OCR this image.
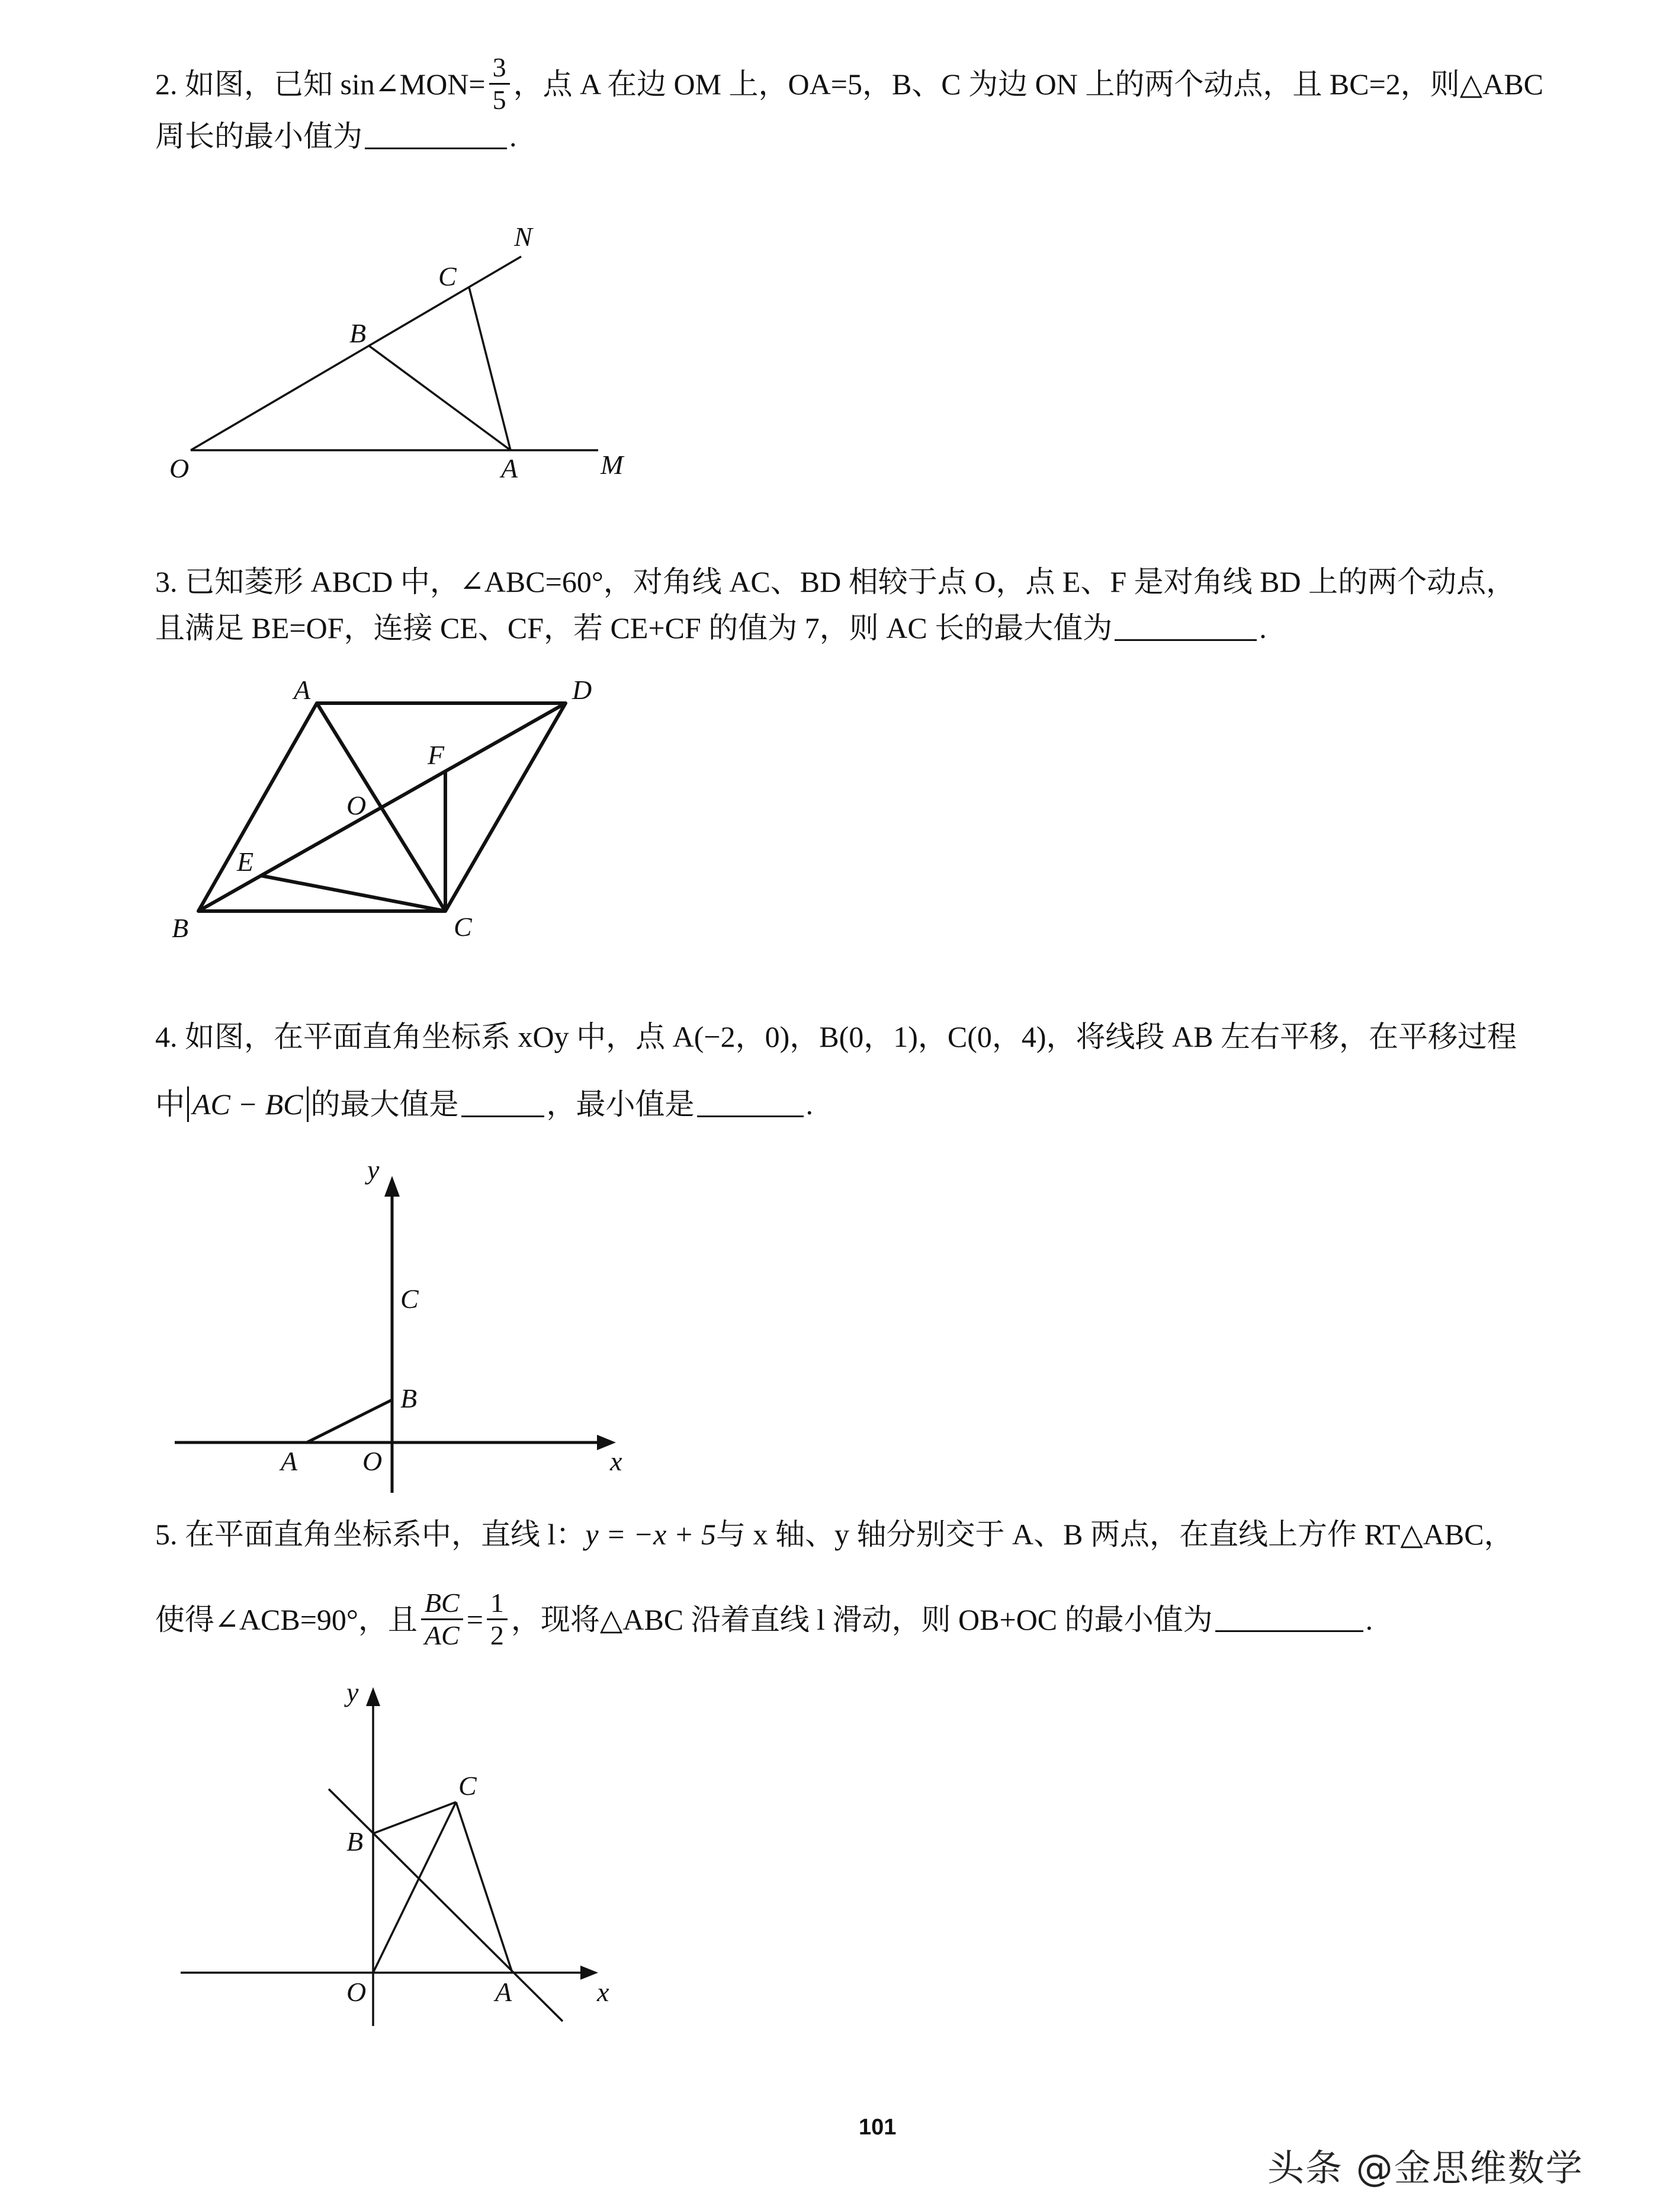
2. 如图，已知 sin∠MON= $\frac{3}{5}$ ，点 A 在边 OM 上，OA=5，B、C 为边 ON 上的两个动点，且 BC=2，则△ABC
周长的最小值为	.
N
C
B
O	A	M
3. 已知菱形 ABCD 中，∠ABC=60°，对角线 AC、BD 相较于点 O，点 E、F 是对角线 BD 上的两个动点，
且满足 BE=OF，连接 CE、CF，若 CE+CF 的值为 7，则 AC 长的最大值为	.
A	D
F
O
E
B	C
4. 如图，在平面直角坐标系 xOy 中，点 A(−2，0)，B(0，1)，C(0，4)，将线段 AB 左右平移，在平移过程
中 AC − BC 的最大值是	，最小值是	.
y
C
B
A O	x
5. 在平面直角坐标系中，直线 l： y = −x + 5 与 x 轴、y 轴分别交于 A、B 两点，在直线上方作 RT△ABC，
使得∠ACB=90°，且 $\frac{BC}{AC} = \frac{1}{2}$ ，现将△ABC 沿着直线 l 滑动，则 OB+OC 的最小值为	.
y
C
B
O	A	x
101
头条 @金思维数学
